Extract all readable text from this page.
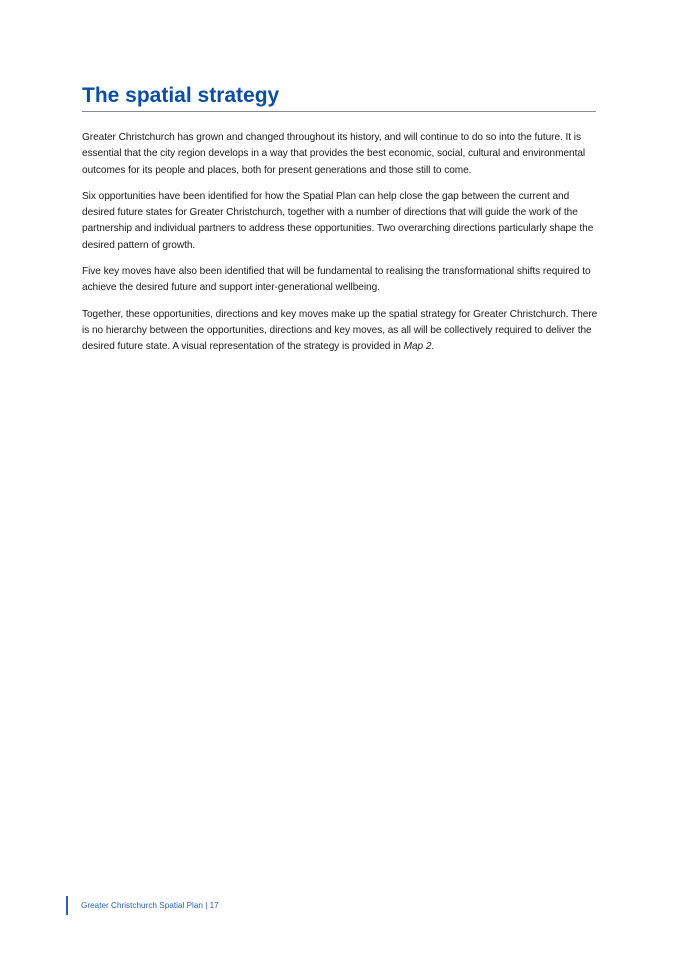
The spatial strategy

Greater Christchurch has grown and changed throughout its history, and will continue to do so into the future. It is essential that the city region develops in a way that provides the best economic, social, cultural and environmental outcomes for its people and places, both for present generations and those still to come.

Six opportunities have been identified for how the Spatial Plan can help close the gap between the current and desired future states for Greater Christchurch, together with a number of directions that will guide the work of the partnership and individual partners to address these opportunities. Two overarching directions particularly shape the desired pattern of growth.

Five key moves have also been identified that will be fundamental to realising the transformational shifts required to achieve the desired future and support inter-generational wellbeing.

Together, these opportunities, directions and key moves make up the spatial strategy for Greater Christchurch. There is no hierarchy between the opportunities, directions and key moves, as all will be collectively required to deliver the desired future state. A visual representation of the strategy is provided in Map 2.

Greater Christchurch Spatial Plan | 17
